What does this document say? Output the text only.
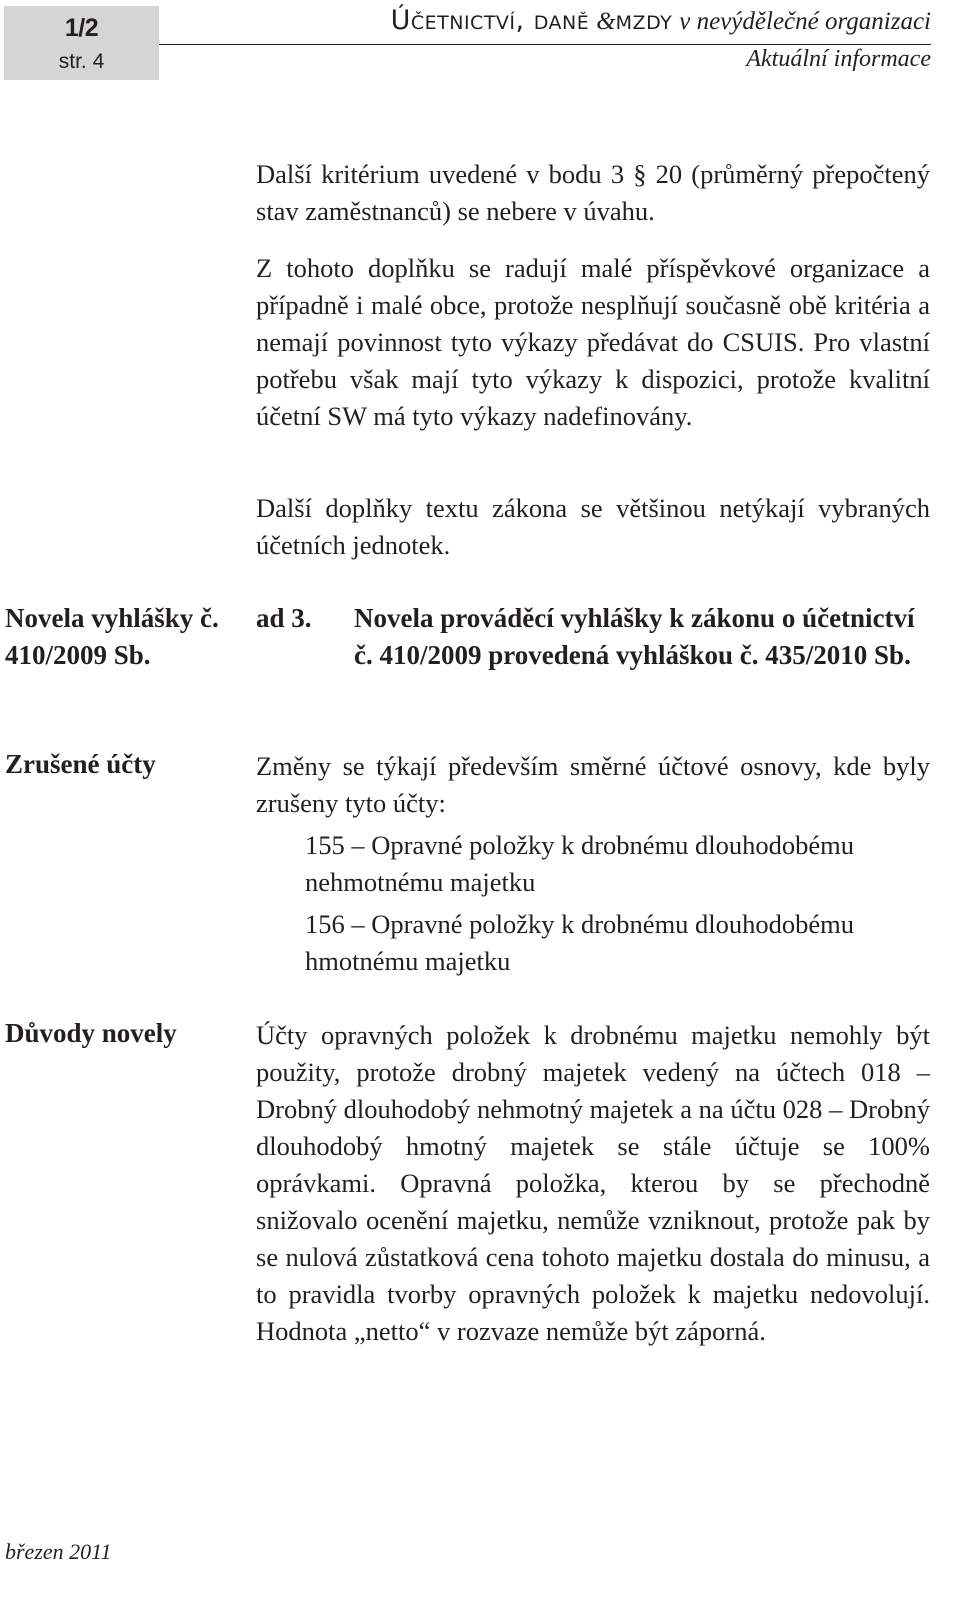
1/2
str. 4
Účetnictví, daně &mzdy v nevýdělečné organizaci
Aktuální informace

Další kritérium uvedené v bodu 3 § 20 (průměrný přepočtený stav zaměstnanců) se nebere v úvahu.

Z tohoto doplňku se radují malé příspěvkové organizace a případně i malé obce, protože nesplňují současně obě kritéria a nemají povinnost tyto výkazy předávat do CSUIS. Pro vlastní potřebu však mají tyto výkazy k dispozici, protože kvalitní účetní SW má tyto výkazy nadefinovány.

Další doplňky textu zákona se většinou netýkají vybraných účetních jednotek.

Novela vyhlášky č. 410/2009 Sb.

ad 3. Novela prováděcí vyhlášky k zákonu o účetnictví č. 410/2009 provedená vyhláškou č. 435/2010 Sb.

Zrušené účty	Změny se týkají především směrné účtové osnovy, kde byly zrušeny tyto účty:

155 – Opravné položky k drobnému dlouhodobému nehmotnému majetku

156 – Opravné položky k drobnému dlouhodobému hmotnému majetku

Důvody novely	Účty opravných položek k drobnému majetku nemohly být použity, protože drobný majetek vedený na účtech 018 – Drobný dlouhodobý nehmotný majetek a na účtu 028 – Drobný dlouhodobý hmotný majetek se stále účtuje se 100% oprávkami. Opravná položka, kterou by se přechodně snižovalo ocenění majetku, nemůže vzniknout, protože pak by se nulová zůstatková cena tohoto majetku dostala do minusu, a to pravidla tvorby opravných položek k majetku nedovolují. Hodnota „netto“ v rozvaze nemůže být záporná.

březen 2011
